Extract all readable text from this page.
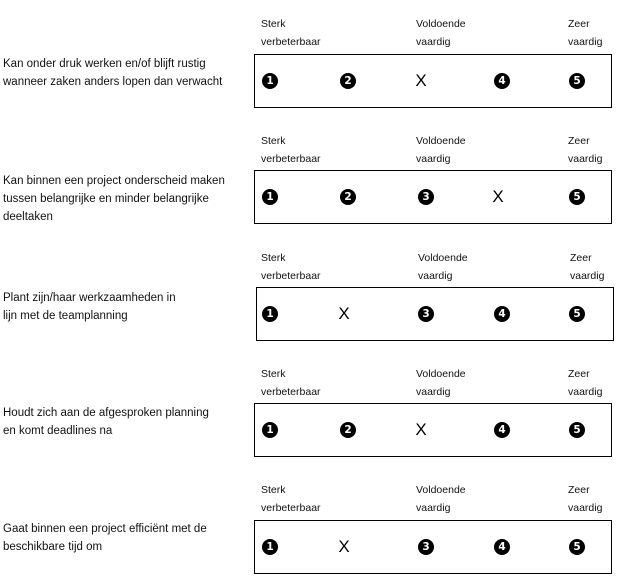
Sterk
verbeterbaar
Voldoende
vaardig
Zeer
vaardig
Kan onder druk werken en/of blijft rustig
wanneer zaken anders lopen dan verwacht	1	2	X	4	5
Sterk
verbeterbaar
Voldoende
vaardig
Zeer
vaardig
Kan binnen een project onderscheid maken
tussen belangrijke en minder belangrijke
deeltaken
1	2	3	X	5
Sterk
verbeterbaar
Voldoende
vaardig
Zeer
vaardig
Plant zijn/haar werkzaamheden in
lijn met de teamplanning	1	X	3	4	5
Sterk
verbeterbaar
Voldoende
vaardig
Zeer
vaardig
Houdt zich aan de afgesproken planning
en komt deadlines na	1	2	X	4	5
Sterk
verbeterbaar
Voldoende
vaardig
Zeer
vaardig
Gaat binnen een project efficiënt met de
beschikbare tijd om	1	X	3	4	5
